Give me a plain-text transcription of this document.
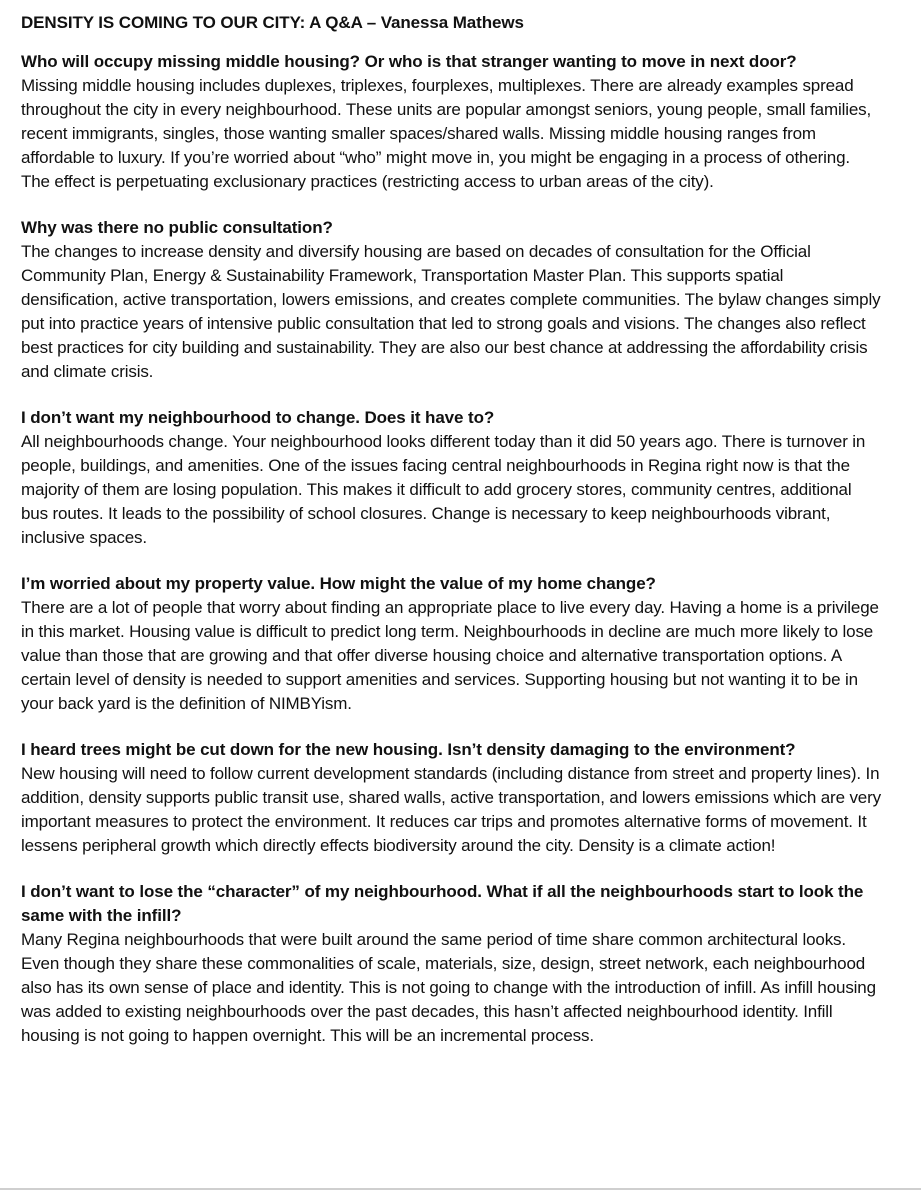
DENSITY IS COMING TO OUR CITY: A Q&A – Vanessa Mathews

Who will occupy missing middle housing? Or who is that stranger wanting to move in next door?

Missing middle housing includes duplexes, triplexes, fourplexes, multiplexes. There are already examples spread throughout the city in every neighbourhood. These units are popular amongst seniors, young people, small families, recent immigrants, singles, those wanting smaller spaces/shared walls. Missing middle housing ranges from affordable to luxury. If you’re worried about “who” might move in, you might be engaging in a process of othering. The effect is perpetuating exclusionary practices (restricting access to urban areas of the city).

Why was there no public consultation?

The changes to increase density and diversify housing are based on decades of consultation for the Official Community Plan, Energy & Sustainability Framework, Transportation Master Plan. This supports spatial densification, active transportation, lowers emissions, and creates complete communities. The bylaw changes simply put into practice years of intensive public consultation that led to strong goals and visions. The changes also reflect best practices for city building and sustainability. They are also our best chance at addressing the affordability crisis and climate crisis.

I don’t want my neighbourhood to change. Does it have to?

All neighbourhoods change. Your neighbourhood looks different today than it did 50 years ago. There is turnover in people, buildings, and amenities. One of the issues facing central neighbourhoods in Regina right now is that the majority of them are losing population. This makes it difficult to add grocery stores, community centres, additional bus routes. It leads to the possibility of school closures. Change is necessary to keep neighbourhoods vibrant, inclusive spaces.

I’m worried about my property value. How might the value of my home change?

There are a lot of people that worry about finding an appropriate place to live every day. Having a home is a privilege in this market. Housing value is difficult to predict long term. Neighbourhoods in decline are much more likely to lose value than those that are growing and that offer diverse housing choice and alternative transportation options. A certain level of density is needed to support amenities and services. Supporting housing but not wanting it to be in your back yard is the definition of NIMBYism.

I heard trees might be cut down for the new housing. Isn’t density damaging to the environment?

New housing will need to follow current development standards (including distance from street and property lines). In addition, density supports public transit use, shared walls, active transportation, and lowers emissions which are very important measures to protect the environment. It reduces car trips and promotes alternative forms of movement. It lessens peripheral growth which directly effects biodiversity around the city. Density is a climate action!

I don’t want to lose the “character” of my neighbourhood. What if all the neighbourhoods start to look the same with the infill?

Many Regina neighbourhoods that were built around the same period of time share common architectural looks. Even though they share these commonalities of scale, materials, size, design, street network, each neighbourhood also has its own sense of place and identity. This is not going to change with the introduction of infill. As infill housing was added to existing neighbourhoods over the past decades, this hasn’t affected neighbourhood identity. Infill housing is not going to happen overnight. This will be an incremental process.
